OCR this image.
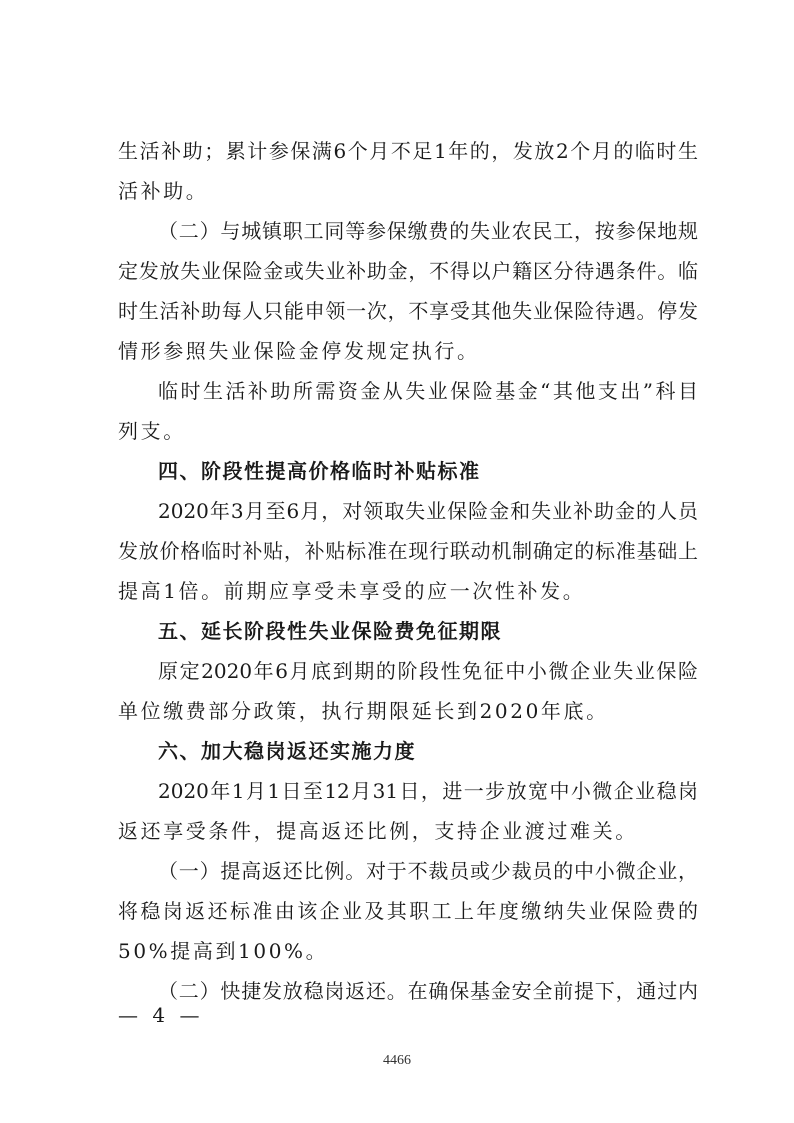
生活补助；累计参保满6个月不足1年的，发放2个月的临时生
活补助。
（二）与城镇职工同等参保缴费的失业农民工，按参保地规
定发放失业保险金或失业补助金，不得以户籍区分待遇条件。临
时生活补助每人只能申领一次，不享受其他失业保险待遇。停发
情形参照失业保险金停发规定执行。
临时生活补助所需资金从失业保险基金“其他支出”科目
列支。
四、阶段性提高价格临时补贴标准
2020年3月至6月，对领取失业保险金和失业补助金的人员
发放价格临时补贴，补贴标准在现行联动机制确定的标准基础上
提高1倍。前期应享受未享受的应一次性补发。
五、延长阶段性失业保险费免征期限
原定2020年6月底到期的阶段性免征中小微企业失业保险
单位缴费部分政策，执行期限延长到2020年底。
六、加大稳岗返还实施力度
2020年1月1日至12月31日，进一步放宽中小微企业稳岗
返还享受条件，提高返还比例，支持企业渡过难关。
（一）提高返还比例。对于不裁员或少裁员的中小微企业，
将稳岗返还标准由该企业及其职工上年度缴纳失业保险费的
50%提高到100%。
（二）快捷发放稳岗返还。在确保基金安全前提下，通过内
— 4 —
4466
